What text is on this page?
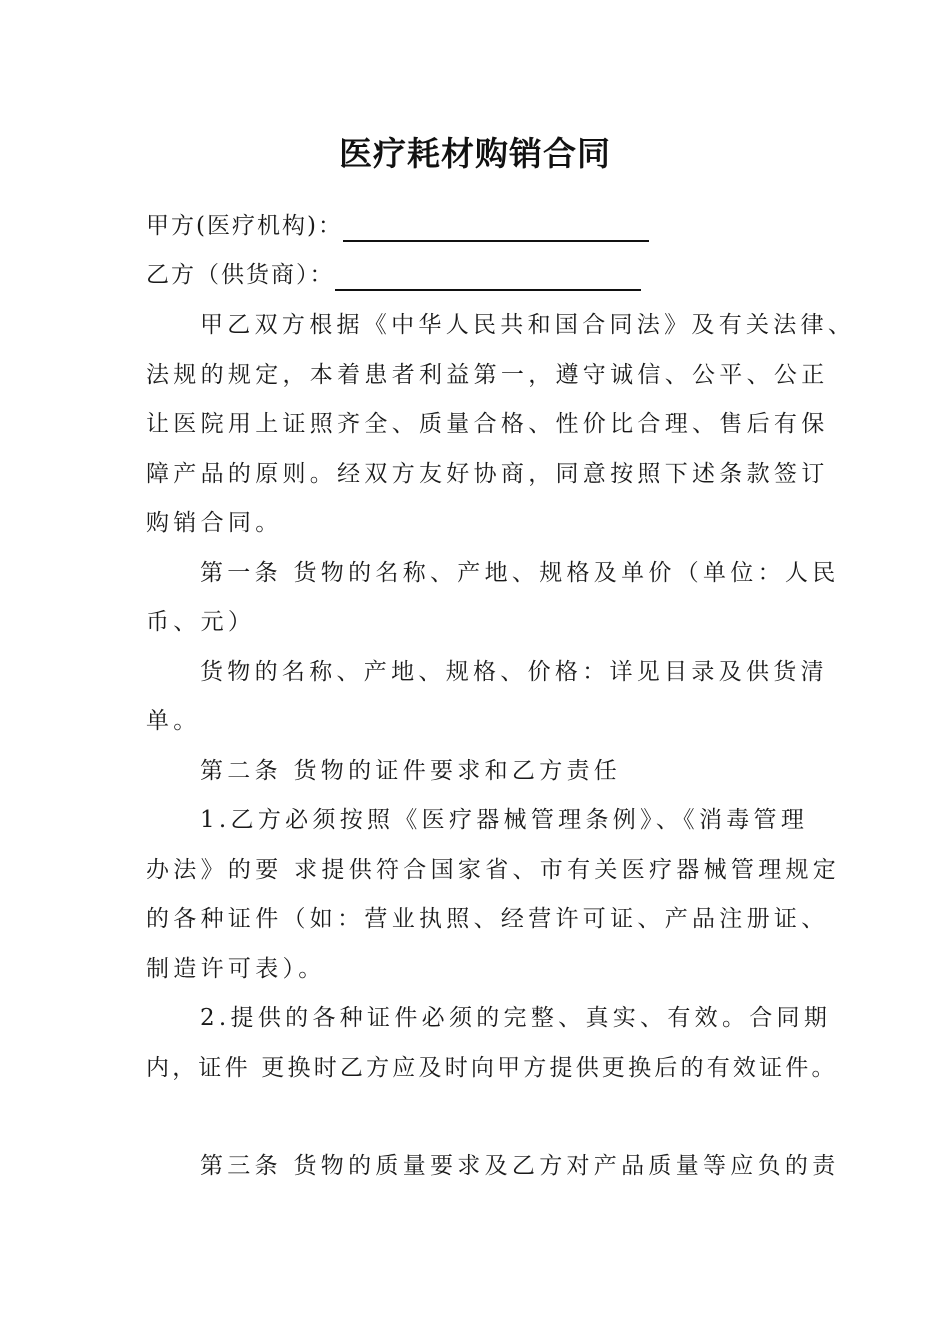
医疗耗材购销合同
甲方(医疗机构)：
乙方（供货商）：
甲乙双方根据《中华人民共和国合同法》及有关法律、
法规的规定，本着患者利益第一，遵守诚信、公平、公正
让医院用上证照齐全、质量合格、性价比合理、售后有保
障产品的原则。经双方友好协商，同意按照下述条款签订
购销合同。
第一条 货物的名称、产地、规格及单价（单位：人民
币、元）
货物的名称、产地、规格、价格：详见目录及供货清
单。
第二条 货物的证件要求和乙方责任
1.乙方必须按照《医疗器械管理条例》、《消毒管理
办法》的要 求提供符合国家省、市有关医疗器械管理规定
的各种证件（如：营业执照、经营许可证、产品注册证、
制造许可表）。
2.提供的各种证件必须的完整、真实、有效。合同期
内，证件 更换时乙方应及时向甲方提供更换后的有效证件。
第三条 货物的质量要求及乙方对产品质量等应负的责
